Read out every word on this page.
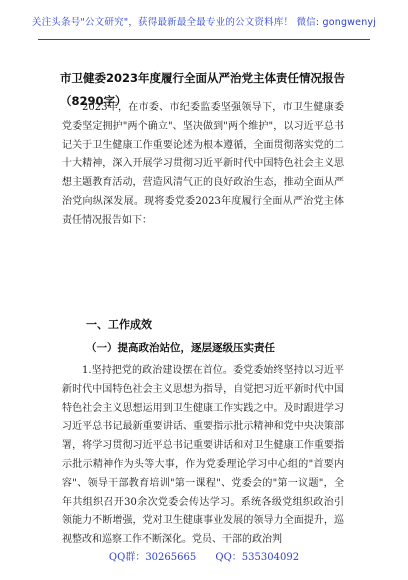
关注头条号"公文研究"，获得最新最全最专业的公文资料库！ 微信: gongwenyj
市卫健委2023年度履行全面从严治党主体责任情况报告
（8290字）
2023年，在市委、市纪委监委坚强领导下，市卫生健康委党委坚定拥护"两个确立"、坚决做到"两个维护"，以习近平总书记关于卫生健康工作重要论述为根本遵循，全面贯彻落实党的二十大精神，深入开展学习贯彻习近平新时代中国特色社会主义思想主题教育活动，营造风清气正的良好政治生态，推动全面从严治党向纵深发展。现将委党委2023年度履行全面从严治党主体责任情况报告如下：
一、工作成效
（一）提高政治站位，逐层逐级压实责任
1.坚持把党的政治建设摆在首位。委党委始终坚持以习近平新时代中国特色社会主义思想为指导，自觉把习近平新时代中国特色社会主义思想运用到卫生健康工作实践之中。及时跟进学习习近平总书记最新重要讲话、重要指示批示精神和党中央决策部署，将学习贯彻习近平总书记重要讲话和对卫生健康工作重要指示批示精神作为头等大事，作为党委理论学习中心组的"首要内容"、领导干部教育培训"第一课程"、党委会的"第一议题"，全年共组织召开30余次党委会传达学习。系统各级党组织政治引领能力不断增强，党对卫生健康事业发展的领导力全面提升，巡视整改和巡察工作不断深化。党员、干部的政治判
QQ群：30265665 QQ：535304092
